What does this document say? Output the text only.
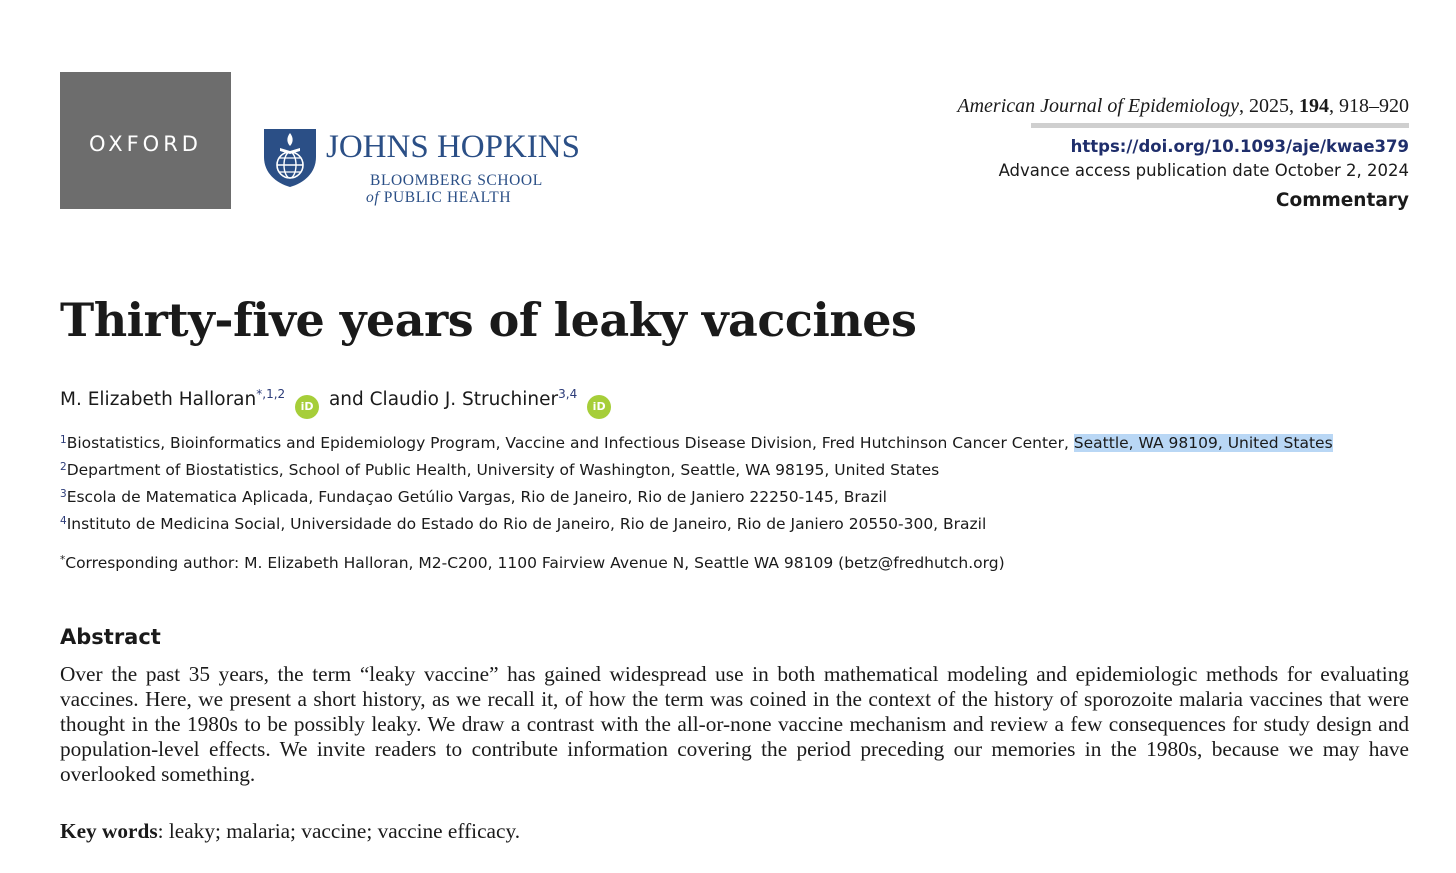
OXFORD	JOHNS HOPKINS
BLOOMBERG SCHOOL
of PUBLIC HEALTH
American Journal of Epidemiology, 2025, 194, 918–920
https://doi.org/10.1093/aje/kwae379
Advance access publication date October 2, 2024
Commentary
Thirty-five years of leaky vaccines
M. Elizabeth Halloran$^{*,1,2}$ iD and Claudio J. Struchiner$^{3,4}$ iD
$^1$Biostatistics, Bioinformatics and Epidemiology Program, Vaccine and Infectious Disease Division, Fred Hutchinson Cancer Center, Seattle, WA 98109, United States
$^2$Department of Biostatistics, School of Public Health, University of Washington, Seattle, WA 98195, United States
$^3$Escola de Matematica Aplicada, Fundaçao Getúlio Vargas, Rio de Janeiro, Rio de Janiero 22250-145, Brazil
$^4$Instituto de Medicina Social, Universidade do Estado do Rio de Janeiro, Rio de Janeiro, Rio de Janiero 20550-300, Brazil
*Corresponding author: M. Elizabeth Halloran, M2-C200, 1100 Fairview Avenue N, Seattle WA 98109 (betz@fredhutch.org)
Abstract

Over the past 35 years, the term “leaky vaccine” has gained widespread use in both mathematical modeling and epidemiologic methods for evaluating vaccines. Here, we present a short history, as we recall it, of how the term was coined in the context of the history of sporozoite malaria vaccines that were thought in the 1980s to be possibly leaky. We draw a contrast with the all-or-none vaccine mechanism and review a few consequences for study design and population-level effects. We invite readers to contribute information covering the period preceding our memories in the 1980s, because we may have overlooked something.

Key words: leaky; malaria; vaccine; vaccine efficacy.
